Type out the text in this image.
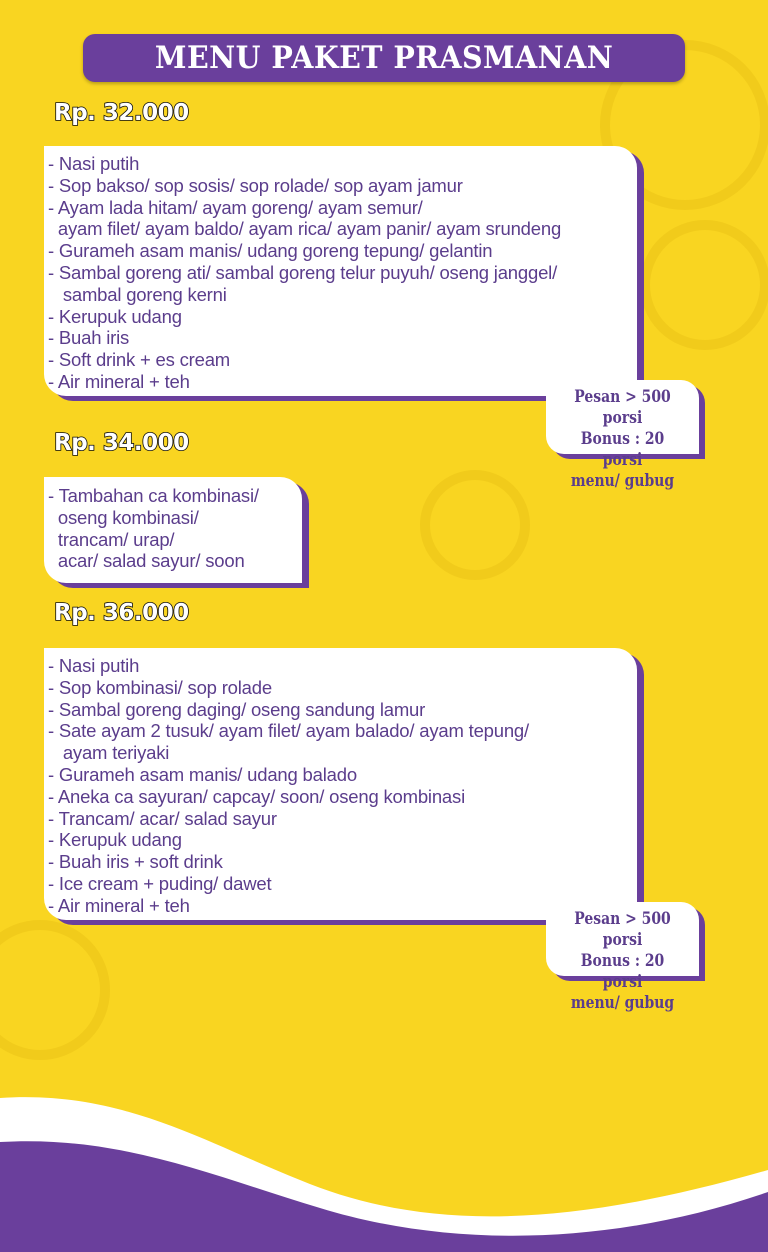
MENU PAKET PRASMANAN
Rp. 32.000
- Nasi putih
- Sop bakso/ sop sosis/ sop rolade/ sop ayam jamur
- Ayam lada hitam/ ayam goreng/ ayam semur/
ayam filet/ ayam baldo/ ayam rica/ ayam panir/ ayam srundeng
- Gurameh asam manis/ udang goreng tepung/ gelantin
- Sambal goreng ati/ sambal goreng telur puyuh/ oseng janggel/
sambal goreng kerni
- Kerupuk udang
- Buah iris
- Soft drink + es cream
- Air mineral + teh
Pesan > 500 porsi
Bonus : 20 porsi
menu/ gubug
Rp. 34.000
- Tambahan ca kombinasi/
oseng kombinasi/
trancam/ urap/
acar/ salad sayur/ soon
Rp. 36.000
- Nasi putih
- Sop kombinasi/ sop rolade
- Sambal goreng daging/ oseng sandung lamur
- Sate ayam 2 tusuk/ ayam filet/ ayam balado/ ayam tepung/
ayam teriyaki
- Gurameh asam manis/ udang balado
- Aneka ca sayuran/ capcay/ soon/ oseng kombinasi
- Trancam/ acar/ salad sayur
- Kerupuk udang
- Buah iris + soft drink
- Ice cream + puding/ dawet
- Air mineral + teh
Pesan > 500 porsi
Bonus : 20 porsi
menu/ gubug
